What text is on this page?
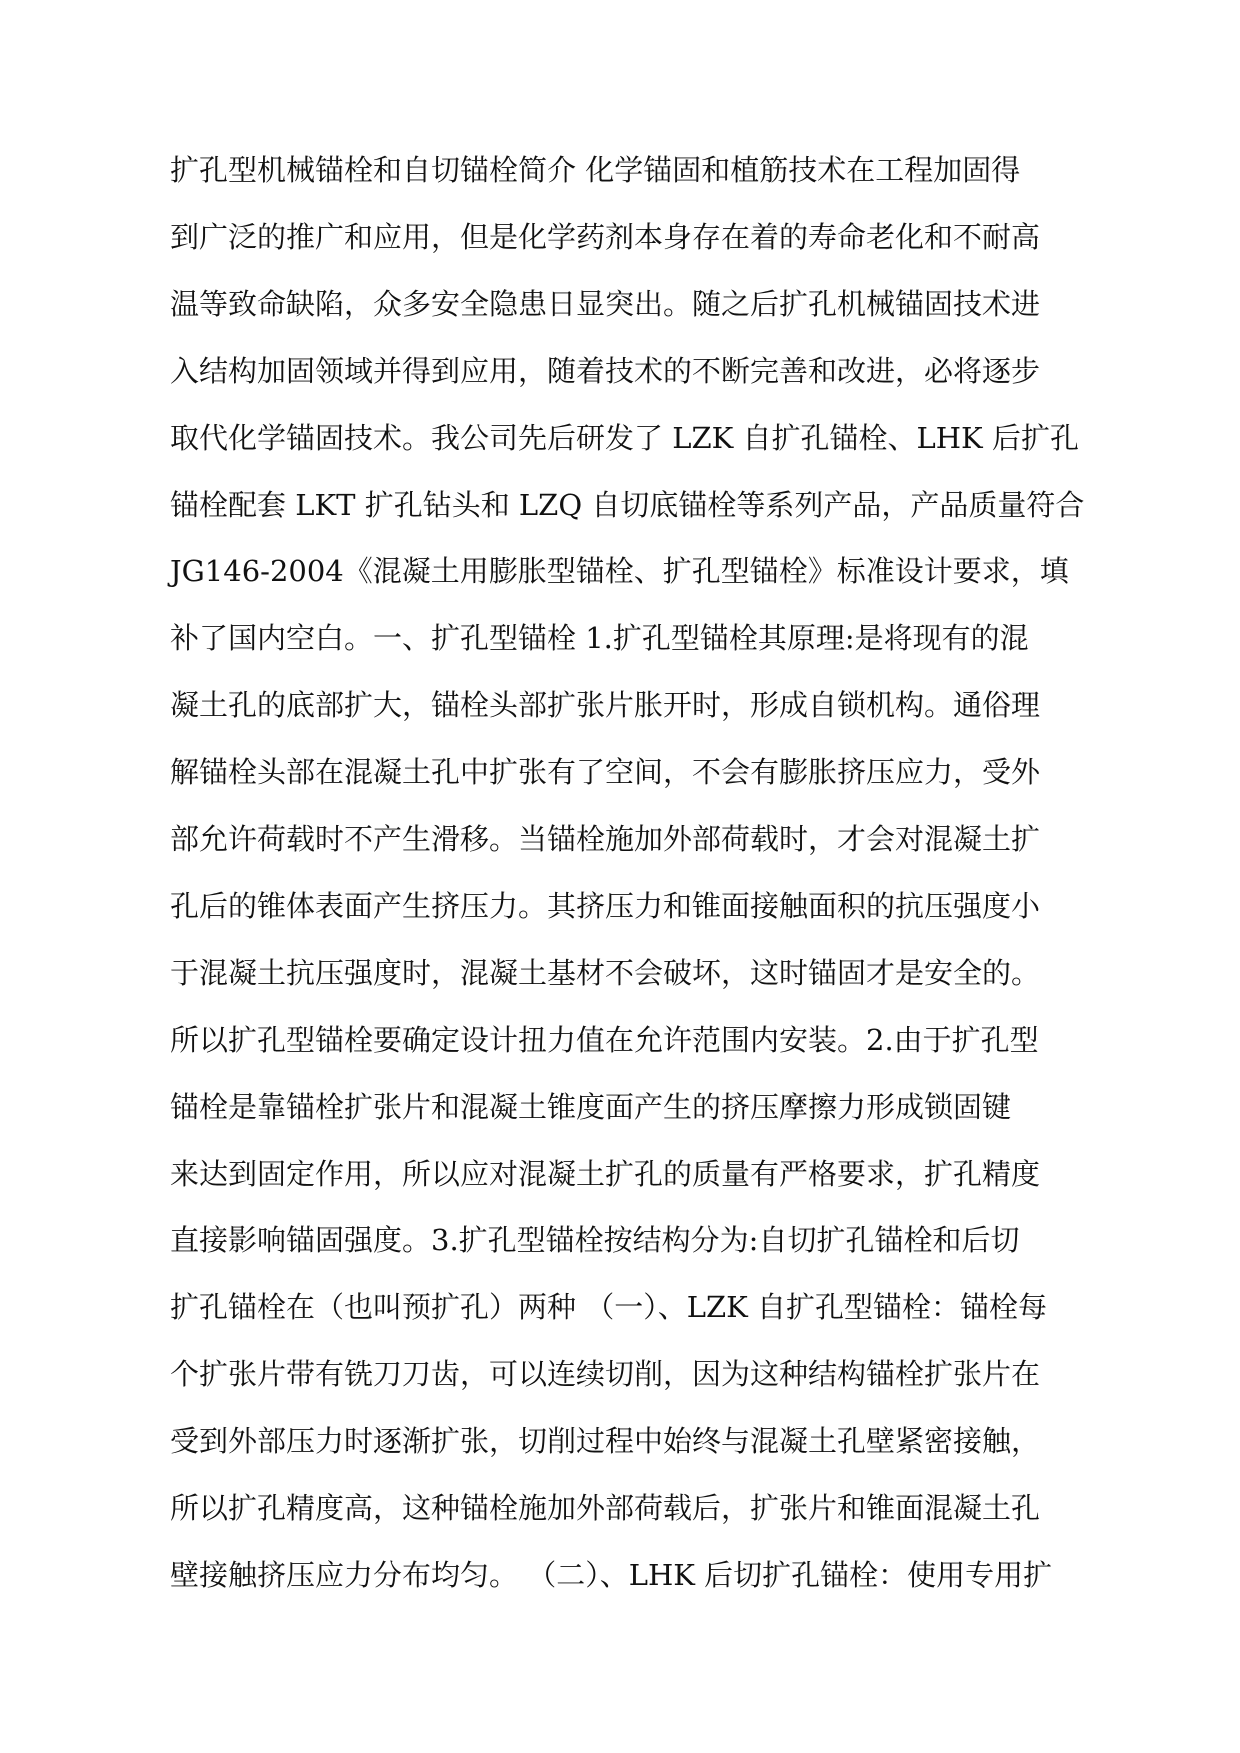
扩孔型机械锚栓和自切锚栓简介 化学锚固和植筋技术在工程加固得
到广泛的推广和应用，但是化学药剂本身存在着的寿命老化和不耐高
温等致命缺陷，众多安全隐患日显突出。随之后扩孔机械锚固技术进
入结构加固领域并得到应用，随着技术的不断完善和改进，必将逐步
取代化学锚固技术。我公司先后研发了 LZK 自扩孔锚栓、LHK 后扩孔
锚栓配套 LKT 扩孔钻头和 LZQ 自切底锚栓等系列产品，产品质量符合
JG146-2004《混凝土用膨胀型锚栓、扩孔型锚栓》标准设计要求，填
补了国内空白。一、扩孔型锚栓 1.扩孔型锚栓其原理:是将现有的混
凝土孔的底部扩大，锚栓头部扩张片胀开时，形成自锁机构。通俗理
解锚栓头部在混凝土孔中扩张有了空间，不会有膨胀挤压应力，受外
部允许荷载时不产生滑移。当锚栓施加外部荷载时，才会对混凝土扩
孔后的锥体表面产生挤压力。其挤压力和锥面接触面积的抗压强度小
于混凝土抗压强度时，混凝土基材不会破坏，这时锚固才是安全的。
所以扩孔型锚栓要确定设计扭力值在允许范围内安装。2.由于扩孔型
锚栓是靠锚栓扩张片和混凝土锥度面产生的挤压摩擦力形成锁固键
来达到固定作用，所以应对混凝土扩孔的质量有严格要求，扩孔精度
直接影响锚固强度。3.扩孔型锚栓按结构分为:自切扩孔锚栓和后切
扩孔锚栓在（也叫预扩孔）两种 （一）、LZK 自扩孔型锚栓：锚栓每
个扩张片带有铣刀刀齿，可以连续切削，因为这种结构锚栓扩张片在
受到外部压力时逐渐扩张，切削过程中始终与混凝土孔壁紧密接触，
所以扩孔精度高，这种锚栓施加外部荷载后，扩张片和锥面混凝土孔
壁接触挤压应力分布均匀。 （二）、LHK 后切扩孔锚栓：使用专用扩
